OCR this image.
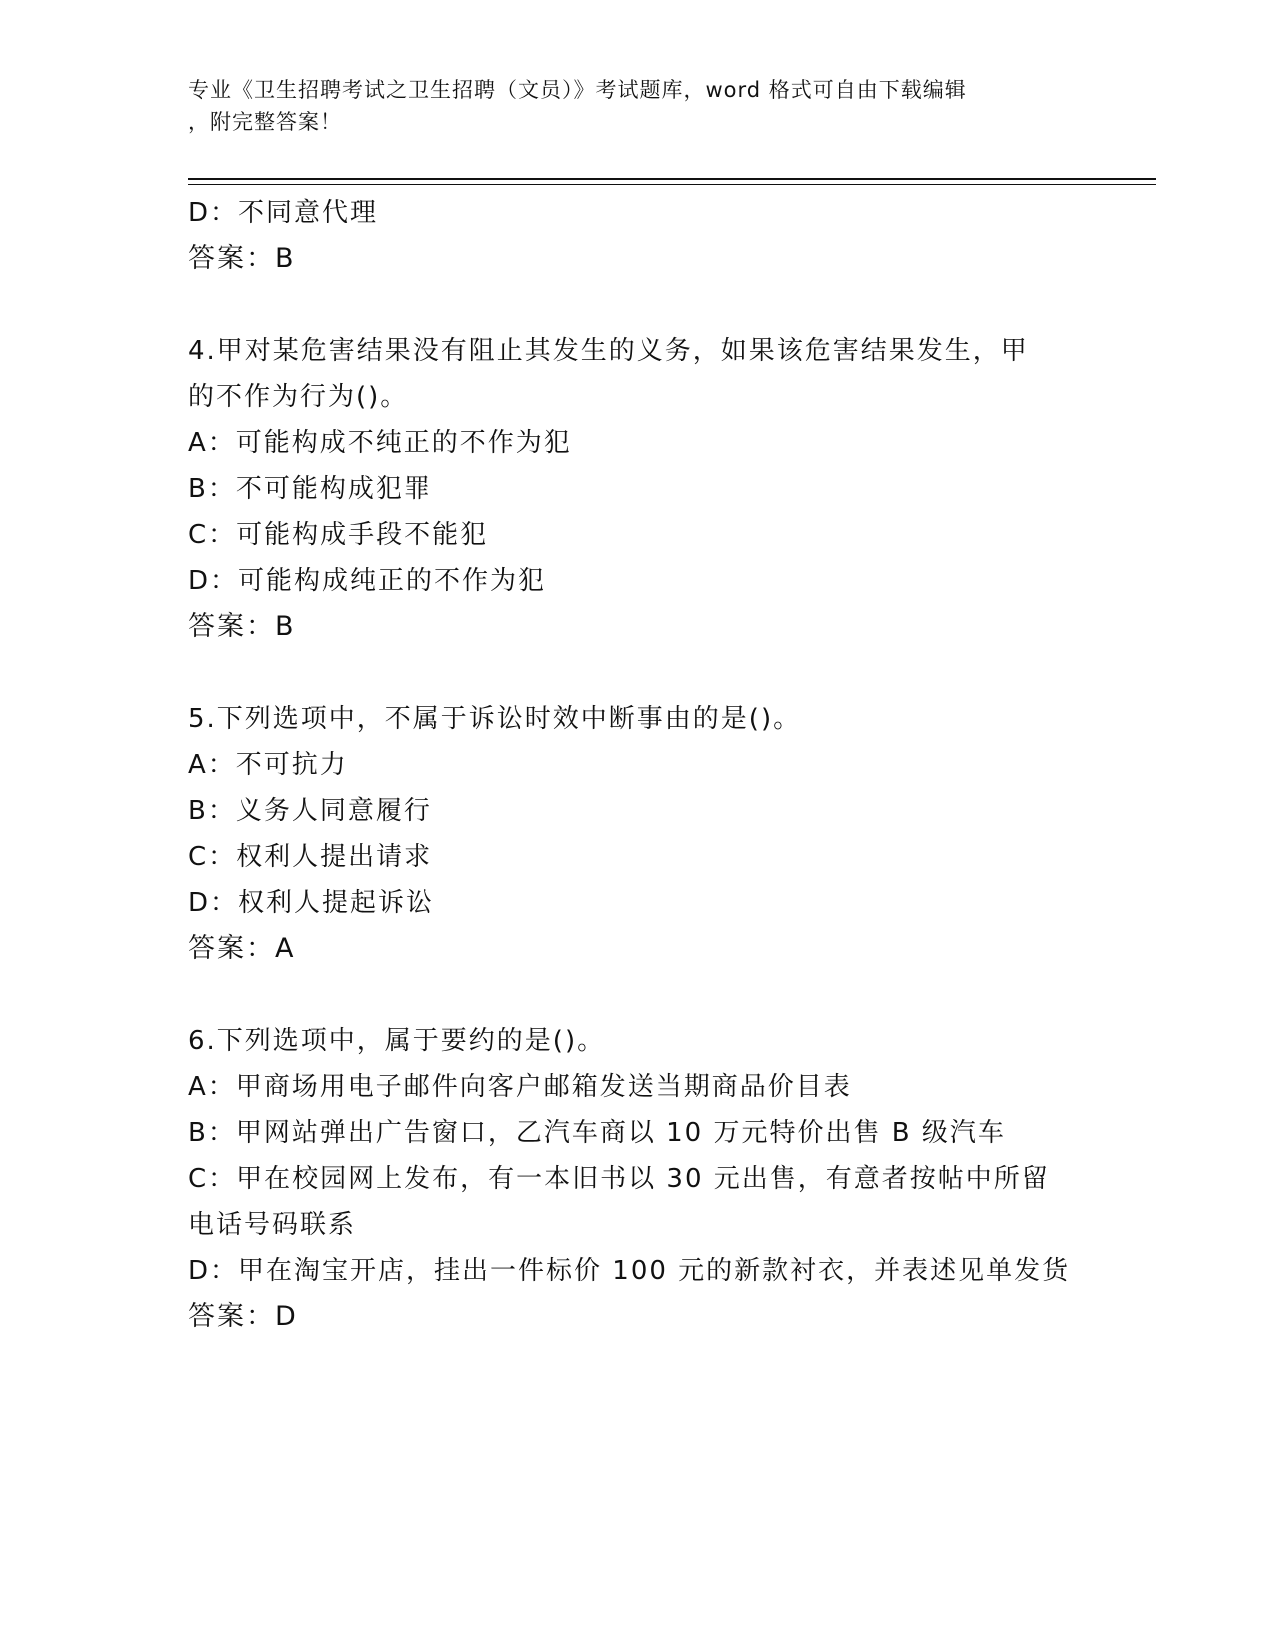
专业《卫生招聘考试之卫生招聘（文员）》考试题库，word 格式可自由下载编辑
，附完整答案！
D：不同意代理
答案：B
4.甲对某危害结果没有阻止其发生的义务，如果该危害结果发生，甲
的不作为行为()。
A：可能构成不纯正的不作为犯
B：不可能构成犯罪
C：可能构成手段不能犯
D：可能构成纯正的不作为犯
答案：B
5.下列选项中，不属于诉讼时效中断事由的是()。
A：不可抗力
B：义务人同意履行
C：权利人提出请求
D：权利人提起诉讼
答案：A
6.下列选项中，属于要约的是()。
A：甲商场用电子邮件向客户邮箱发送当期商品价目表
B：甲网站弹出广告窗口，乙汽车商以 10 万元特价出售 B 级汽车
C：甲在校园网上发布，有一本旧书以 30 元出售，有意者按帖中所留
电话号码联系
D：甲在淘宝开店，挂出一件标价 100 元的新款衬衣，并表述见单发货
答案：D
